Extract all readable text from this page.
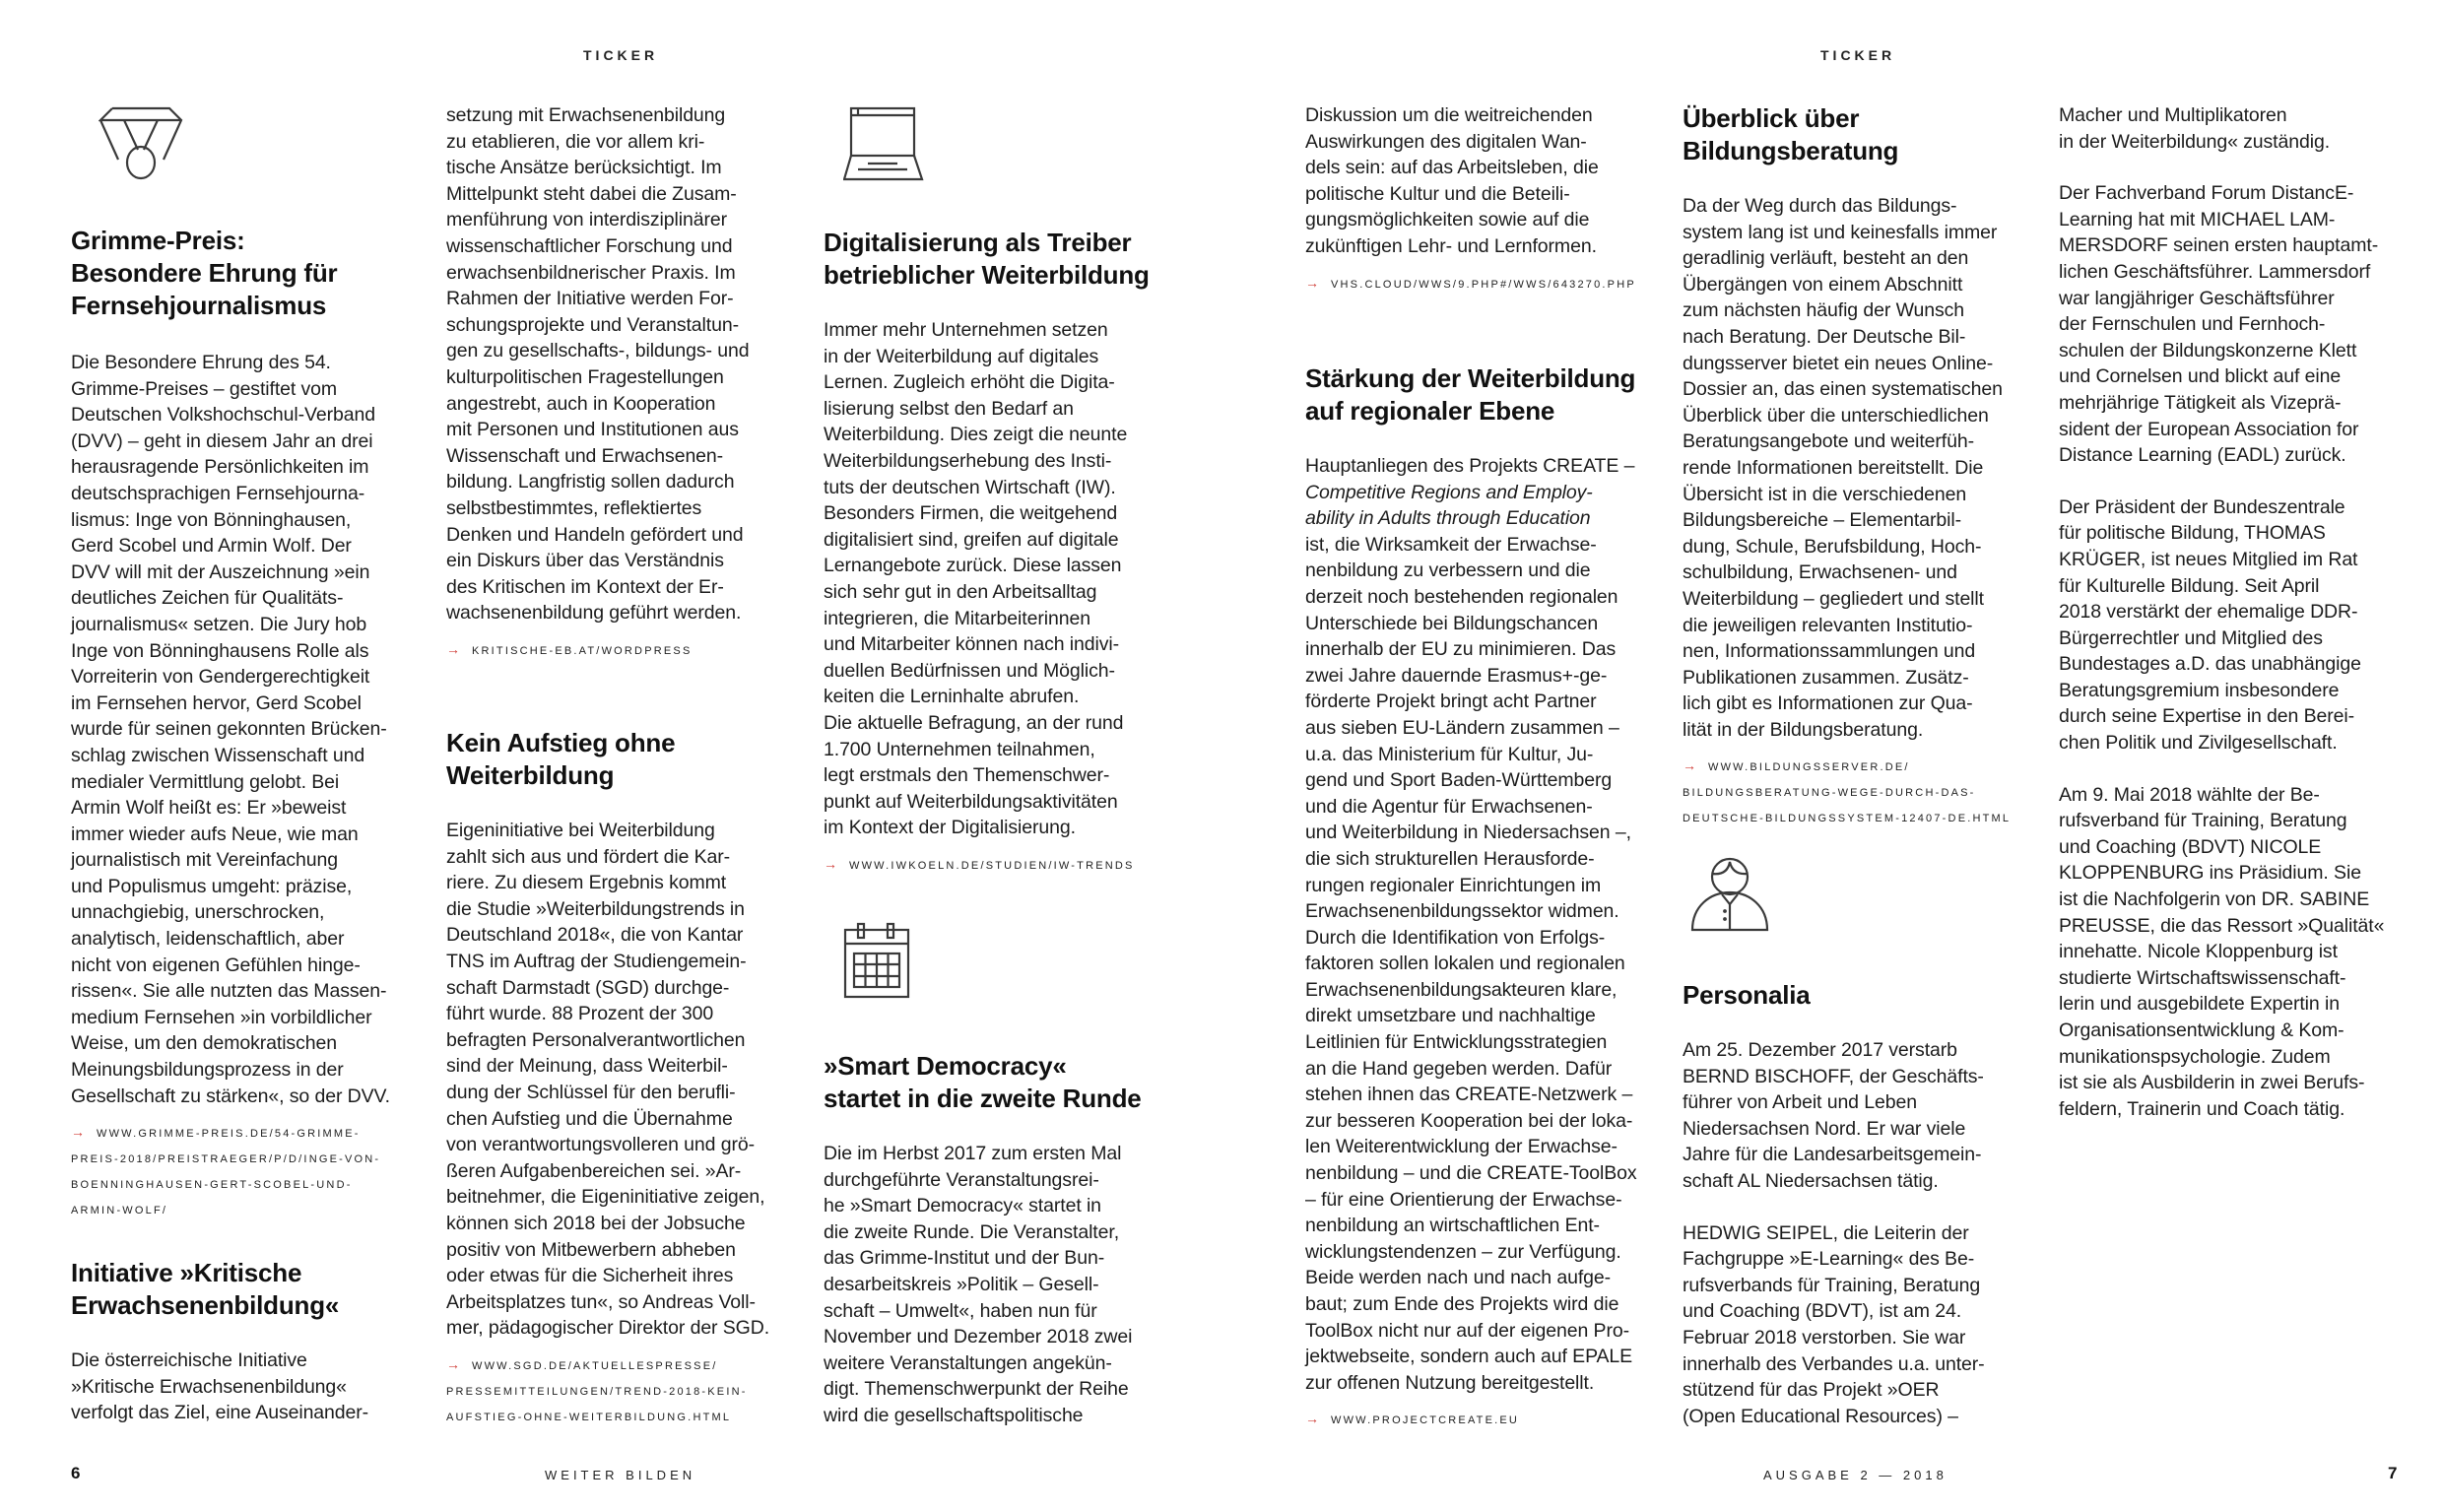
TICKER	TICKER
Grimme-Preis:
Besondere Ehrung für
Fernsehjournalismus
Die Besondere Ehrung des 54.
Grimme-Preises – gestiftet vom
Deutschen Volkshochschul-Verband
(DVV) – geht in diesem Jahr an drei
herausragende Persönlichkeiten im
deutschsprachigen Fernsehjourna-
lismus: Inge von Bönninghausen,
Gerd Scobel und Armin Wolf. Der
DVV will mit der Auszeichnung »ein
deutliches Zeichen für Qualitäts-
journalismus« setzen. Die Jury hob
Inge von Bönninghausens Rolle als
Vorreiterin von Gendergerechtigkeit
im Fernsehen hervor, Gerd Scobel
wurde für seinen gekonnten Brücken-
schlag zwischen Wissenschaft und
medialer Vermittlung gelobt. Bei
Armin Wolf heißt es: Er »beweist
immer wieder aufs Neue, wie man
journalistisch mit Vereinfachung
und Populismus umgeht: präzise,
unnachgiebig, unerschrocken,
analytisch, leidenschaftlich, aber
nicht von eigenen Gefühlen hinge-
rissen«. Sie alle nutzten das Massen-
medium Fernsehen »in vorbildlicher
Weise, um den demokratischen
Meinungsbildungsprozess in der
Gesellschaft zu stärken«, so der DVV.
→ WWW.GRIMME-PREIS.DE/54-GRIMME-
PREIS-2018/PREISTRAEGER/P/D/INGE-VON-
BOENNINGHAUSEN-GERT-SCOBEL-UND-
ARMIN-WOLF/
Initiative »Kritische
Erwachsenenbildung«
Die österreichische Initiative
»Kritische Erwachsenenbildung«
verfolgt das Ziel, eine Auseinander-
setzung mit Erwachsenenbildung
zu etablieren, die vor allem kri-
tische Ansätze berücksichtigt. Im
Mittelpunkt steht dabei die Zusam-
menführung von interdisziplinärer
wissenschaftlicher Forschung und
erwachsenbildnerischer Praxis. Im
Rahmen der Initiative werden For-
schungsprojekte und Veranstaltun-
gen zu gesellschafts-, bildungs- und
kulturpolitischen Fragestellungen
angestrebt, auch in Kooperation
mit Personen und Institutionen aus
Wissenschaft und Erwachsenen-
bildung. Langfristig sollen dadurch
selbstbestimmtes, reflektiertes
Denken und Handeln gefördert und
ein Diskurs über das Verständnis
des Kritischen im Kontext der Er-
wachsenenbildung geführt werden.
→ KRITISCHE-EB.AT/WORDPRESS
Kein Aufstieg ohne
Weiterbildung
Eigeninitiative bei Weiterbildung
zahlt sich aus und fördert die Kar-
riere. Zu diesem Ergebnis kommt
die Studie »Weiterbildungstrends in
Deutschland 2018«, die von Kantar
TNS im Auftrag der Studiengemein-
schaft Darmstadt (SGD) durchge-
führt wurde. 88 Prozent der 300
befragten Personalverantwortlichen
sind der Meinung, dass Weiterbil-
dung der Schlüssel für den berufli-
chen Aufstieg und die Übernahme
von verantwortungsvolleren und grö-
ßeren Aufgabenbereichen sei. »Ar-
beitnehmer, die Eigeninitiative zeigen,
können sich 2018 bei der Jobsuche
positiv von Mitbewerbern abheben
oder etwas für die Sicherheit ihres
Arbeitsplatzes tun«, so Andreas Voll-
mer, pädagogischer Direktor der SGD.
→ WWW.SGD.DE/AKTUELLESPRESSE/
PRESSEMITTEILUNGEN/TREND-2018-KEIN-
AUFSTIEG-OHNE-WEITERBILDUNG.HTML
Digitalisierung als Treiber
betrieblicher Weiterbildung
Immer mehr Unternehmen setzen
in der Weiterbildung auf digitales
Lernen. Zugleich erhöht die Digita-
lisierung selbst den Bedarf an
Weiterbildung. Dies zeigt die neunte
Weiterbildungserhebung des Insti-
tuts der deutschen Wirtschaft (IW).
Besonders Firmen, die weitgehend
digitalisiert sind, greifen auf digitale
Lernangebote zurück. Diese lassen
sich sehr gut in den Arbeitsalltag
integrieren, die Mitarbeiterinnen
und Mitarbeiter können nach indivi-
duellen Bedürfnissen und Möglich-
keiten die Lerninhalte abrufen.
Die aktuelle Befragung, an der rund
1.700 Unternehmen teilnahmen,
legt erstmals den Themenschwer-
punkt auf Weiterbildungsaktivitäten
im Kontext der Digitalisierung.
→ WWW.IWKOELN.DE/STUDIEN/IW-TRENDS
»Smart Democracy«
startet in die zweite Runde
Die im Herbst 2017 zum ersten Mal
durchgeführte Veranstaltungsrei-
he »Smart Democracy« startet in
die zweite Runde. Die Veranstalter,
das Grimme-Institut und der Bun-
desarbeitskreis »Politik – Gesell-
schaft – Umwelt«, haben nun für
November und Dezember 2018 zwei
weitere Veranstaltungen angekün-
digt. Themenschwerpunkt der Reihe
wird die gesellschaftspolitische
Diskussion um die weitreichenden
Auswirkungen des digitalen Wan-
dels sein: auf das Arbeitsleben, die
politische Kultur und die Beteili-
gungsmöglichkeiten sowie auf die
zukünftigen Lehr- und Lernformen.
→ VHS.CLOUD/WWS/9.PHP#/WWS/643270.PHP
Stärkung der Weiterbildung
auf regionaler Ebene
Hauptanliegen des Projekts CREATE –
Competitive Regions and Employ-
ability in Adults through Education
ist, die Wirksamkeit der Erwachse-
nenbildung zu verbessern und die
derzeit noch bestehenden regionalen
Unterschiede bei Bildungschancen
innerhalb der EU zu minimieren. Das
zwei Jahre dauernde Erasmus+-ge-
förderte Projekt bringt acht Partner
aus sieben EU-Ländern zusammen –
u.a. das Ministerium für Kultur, Ju-
gend und Sport Baden-Württemberg
und die Agentur für Erwachsenen-
und Weiterbildung in Niedersachsen –,
die sich strukturellen Herausforde-
rungen regionaler Einrichtungen im
Erwachsenenbildungssektor widmen.
Durch die Identifikation von Erfolgs-
faktoren sollen lokalen und regionalen
Erwachsenenbildungsakteuren klare,
direkt umsetzbare und nachhaltige
Leitlinien für Entwicklungsstrategien
an die Hand gegeben werden. Dafür
stehen ihnen das CREATE-Netzwerk –
zur besseren Kooperation bei der loka-
len Weiterentwicklung der Erwachse-
nenbildung – und die CREATE-ToolBox
– für eine Orientierung der Erwachse-
nenbildung an wirtschaftlichen Ent-
wicklungstendenzen – zur Verfügung.
Beide werden nach und nach aufge-
baut; zum Ende des Projekts wird die
ToolBox nicht nur auf der eigenen Pro-
jektwebseite, sondern auch auf EPALE
zur offenen Nutzung bereitgestellt.
→ WWW.PROJECTCREATE.EU
Überblick über
Bildungsberatung
Da der Weg durch das Bildungs-
system lang ist und keinesfalls immer
geradlinig verläuft, besteht an den
Übergängen von einem Abschnitt
zum nächsten häufig der Wunsch
nach Beratung. Der Deutsche Bil-
dungsserver bietet ein neues Online-
Dossier an, das einen systematischen
Überblick über die unterschiedlichen
Beratungsangebote und weiterfüh-
rende Informationen bereitstellt. Die
Übersicht ist in die verschiedenen
Bildungsbereiche – Elementarbil-
dung, Schule, Berufsbildung, Hoch-
schulbildung, Erwachsenen- und
Weiterbildung – gegliedert und stellt
die jeweiligen relevanten Institutio-
nen, Informationssammlungen und
Publikationen zusammen. Zusätz-
lich gibt es Informationen zur Qua-
lität in der Bildungsberatung.
→ WWW.BILDUNGSSERVER.DE/
BILDUNGSBERATUNG-WEGE-DURCH-DAS-
DEUTSCHE-BILDUNGSSYSTEM-12407-DE.HTML
Personalia
Am 25. Dezember 2017 verstarb
BERND BISCHOFF, der Geschäfts-
führer von Arbeit und Leben
Niedersachsen Nord. Er war viele
Jahre für die Landesarbeitsgemein-
schaft AL Niedersachsen tätig.
HEDWIG SEIPEL, die Leiterin der
Fachgruppe »E-Learning« des Be-
rufsverbands für Training, Beratung
und Coaching (BDVT), ist am 24.
Februar 2018 verstorben. Sie war
innerhalb des Verbandes u.a. unter-
stützend für das Projekt »OER
(Open Educational Resources) –
Macher und Multiplikatoren
in der Weiterbildung« zuständig.
Der Fachverband Forum DistancE-
Learning hat mit MICHAEL LAM-
MERSDORF seinen ersten hauptamt-
lichen Geschäftsführer. Lammersdorf
war langjähriger Geschäftsführer
der Fernschulen und Fernhoch-
schulen der Bildungskonzerne Klett
und Cornelsen und blickt auf eine
mehrjährige Tätigkeit als Vizeprä-
sident der European Association for
Distance Learning (EADL) zurück.
Der Präsident der Bundeszentrale
für politische Bildung, THOMAS
KRÜGER, ist neues Mitglied im Rat
für Kulturelle Bildung. Seit April
2018 verstärkt der ehemalige DDR-
Bürgerrechtler und Mitglied des
Bundestages a.D. das unabhängige
Beratungsgremium insbesondere
durch seine Expertise in den Berei-
chen Politik und Zivilgesellschaft.
Am 9. Mai 2018 wählte der Be-
rufsverband für Training, Beratung
und Coaching (BDVT) NICOLE
KLOPPENBURG ins Präsidium. Sie
ist die Nachfolgerin von DR. SABINE
PREUSSE, die das Ressort »Qualität«
innehatte. Nicole Kloppenburg ist
studierte Wirtschaftswissenschaft-
lerin und ausgebildete Expertin in
Organisationsentwicklung & Kom-
munikationspsychologie. Zudem
ist sie als Ausbilderin in zwei Berufs-
feldern, Trainerin und Coach tätig.
6	WEITER BILDEN	AUSGABE 2 — 2018	7
